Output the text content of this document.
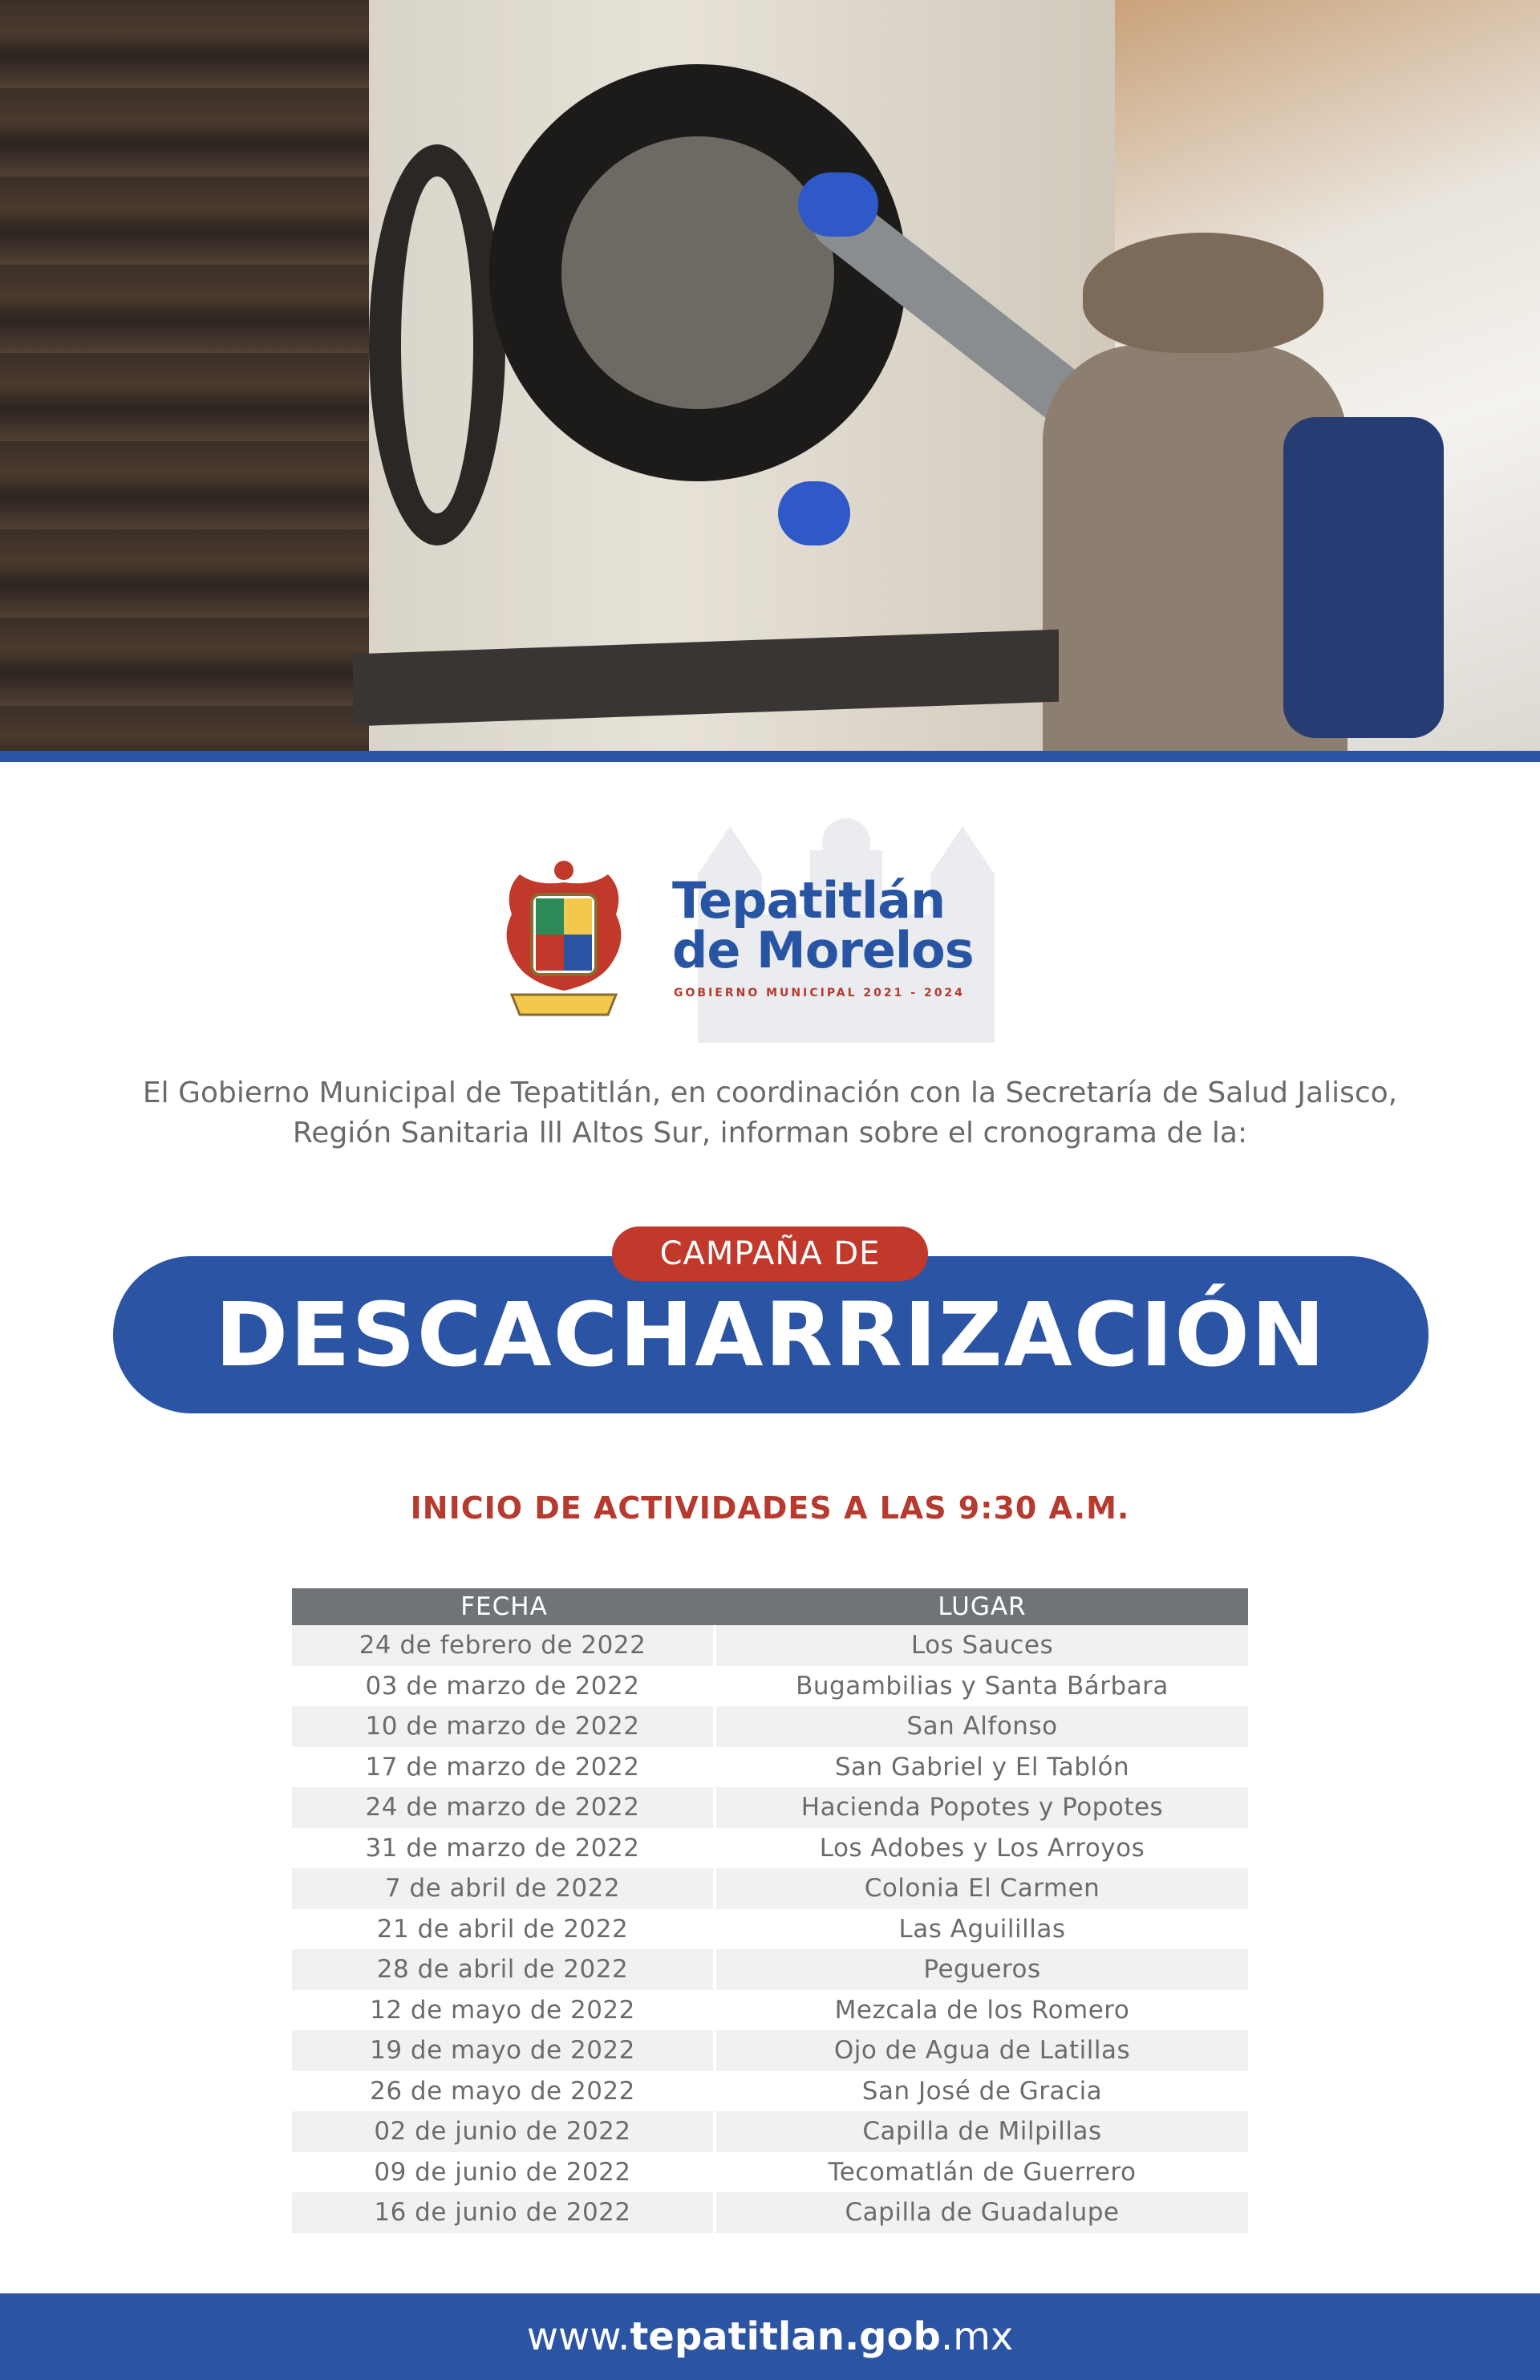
Tepatitlán
de Morelos
GOBIERNO MUNICIPAL 2021 - 2024
El Gobierno Municipal de Tepatitlán, en coordinación con la Secretaría de Salud Jalisco,
Región Sanitaria lll Altos Sur, informan sobre el cronograma de la:
DESCACHARRIZACIÓN
CAMPAÑA DE
INICIO DE ACTIVIDADES A LAS 9:30 A.M.
FECHA	LUGAR
24 de febrero de 2022	Los Sauces
03 de marzo de 2022	Bugambilias y Santa Bárbara
10 de marzo de 2022	San Alfonso
17 de marzo de 2022	San Gabriel y El Tablón
24 de marzo de 2022	Hacienda Popotes y Popotes
31 de marzo de 2022	Los Adobes y Los Arroyos
7 de abril de 2022	Colonia El Carmen
21 de abril de 2022	Las Aguilillas
28 de abril de 2022	Pegueros
12 de mayo de 2022	Mezcala de los Romero
19 de mayo de 2022	Ojo de Agua de Latillas
26 de mayo de 2022	San José de Gracia
02 de junio de 2022	Capilla de Milpillas
09 de junio de 2022	Tecomatlán de Guerrero
16 de junio de 2022	Capilla de Guadalupe
www.tepatitlan.gob.mx
